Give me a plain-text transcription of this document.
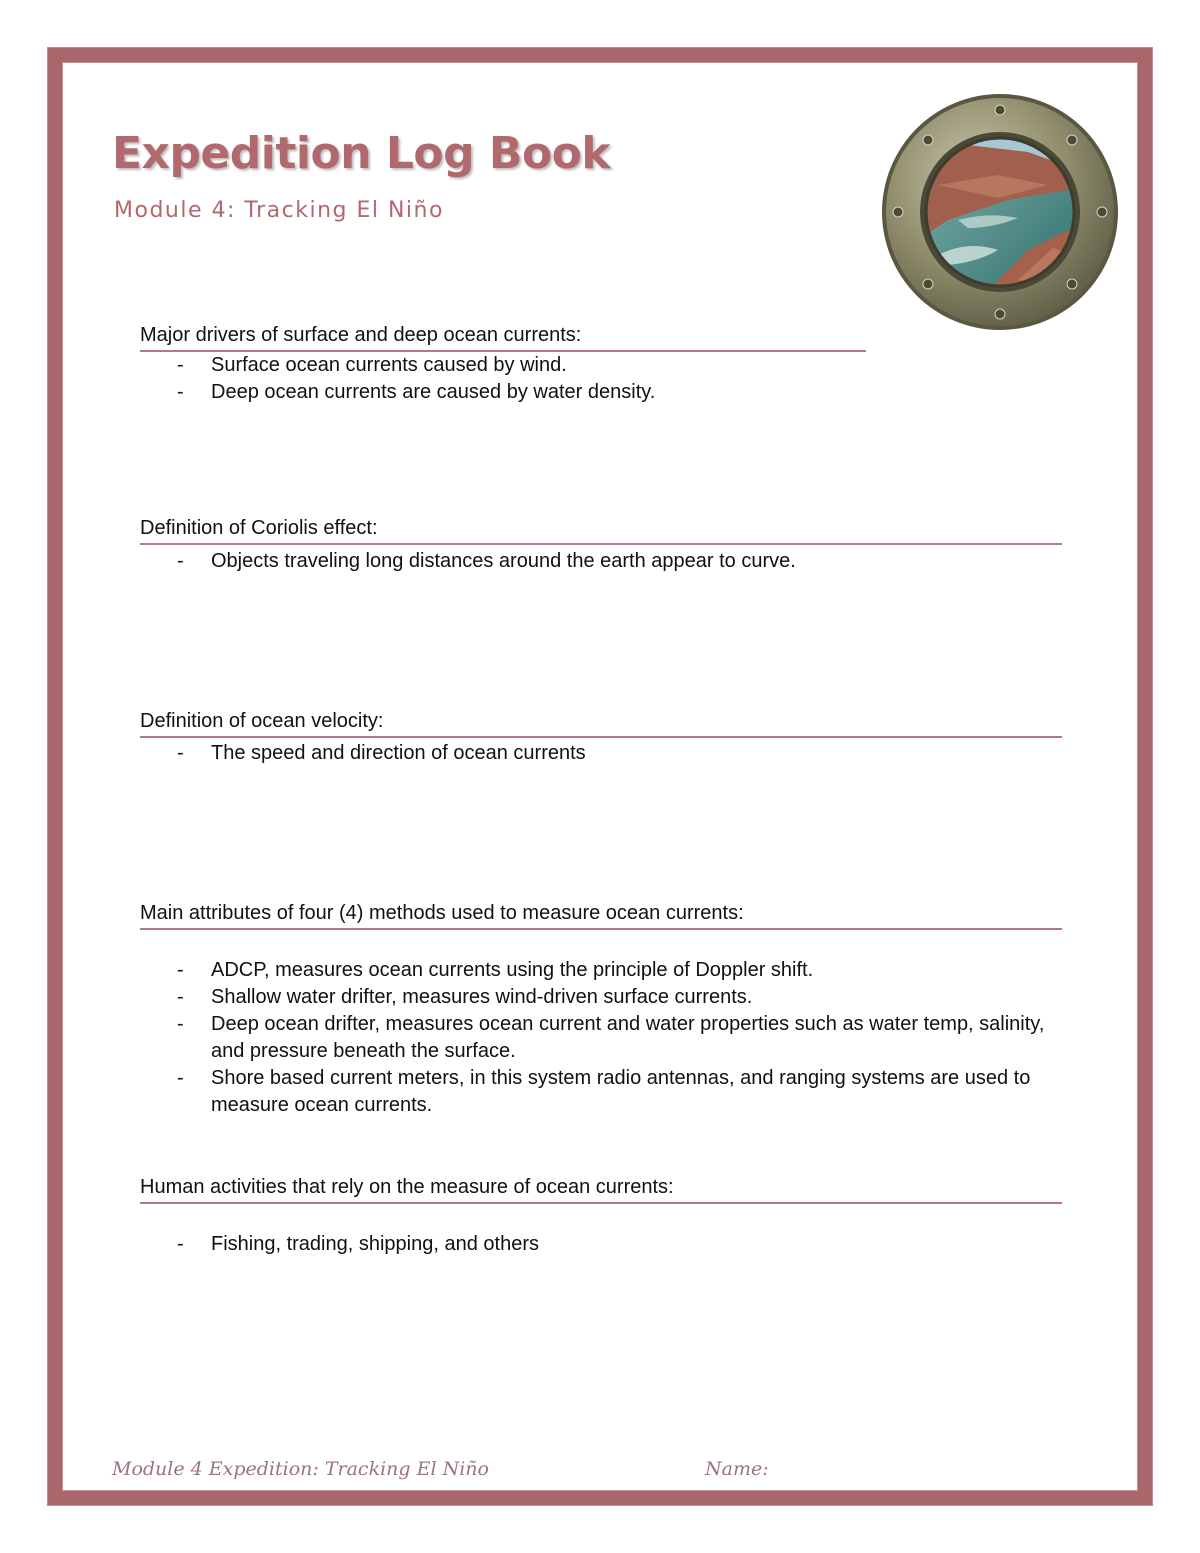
Expedition Log Book
Module 4: Tracking El Niño
Major drivers of surface and deep ocean currents:
- Surface ocean currents caused by wind.
- Deep ocean currents are caused by water density.
Definition of Coriolis effect:
- Objects traveling long distances around the earth appear to curve.
Definition of ocean velocity:
- The speed and direction of ocean currents
Main attributes of four (4) methods used to measure ocean currents:
- ADCP, measures ocean currents using the principle of Doppler shift.
- Shallow water drifter, measures wind-driven surface currents.
- Deep ocean drifter, measures ocean current and water properties such as water temp, salinity, and pressure beneath the surface.
- Shore based current meters, in this system radio antennas, and ranging systems are used to measure ocean currents.
Human activities that rely on the measure of ocean currents:
- Fishing, trading, shipping, and others
Module 4 Expedition: Tracking El Niño	Name:
